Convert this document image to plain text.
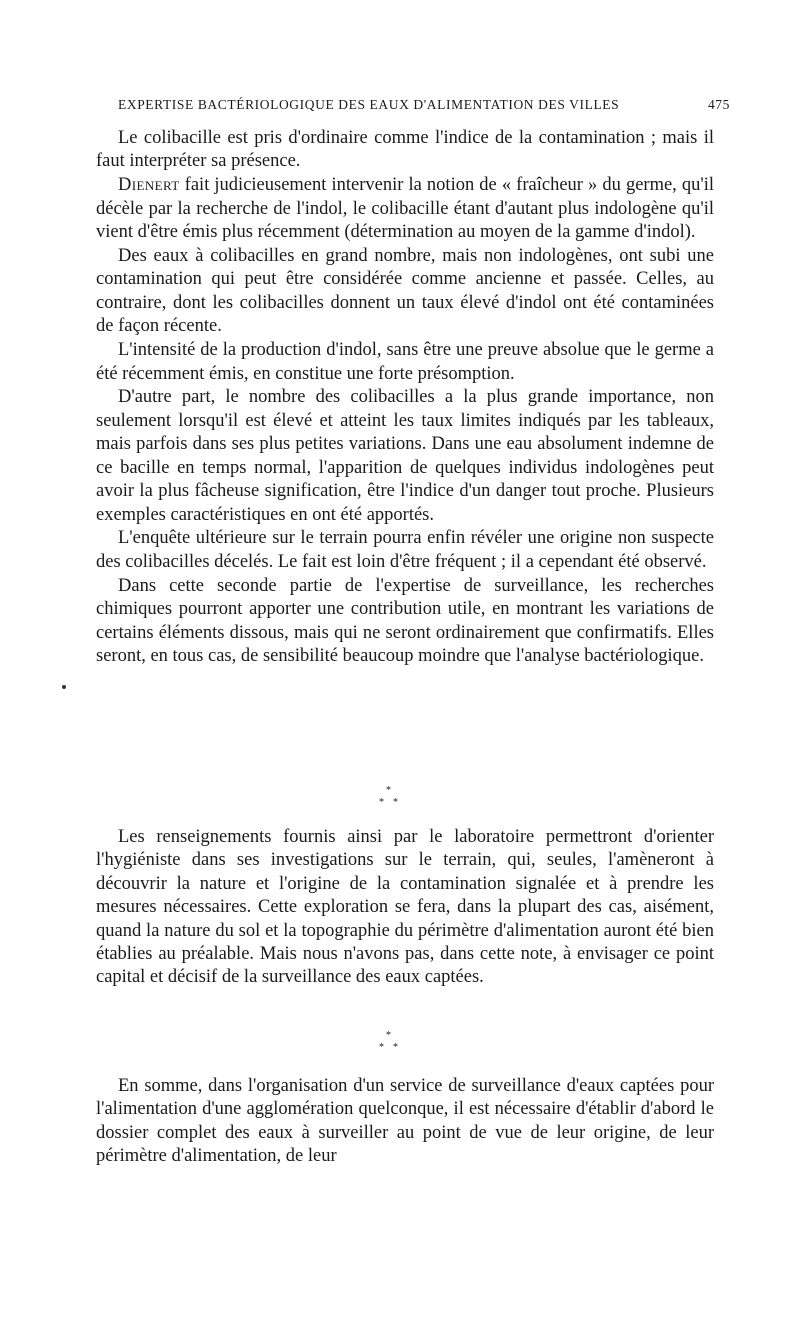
EXPERTISE BACTÉRIOLOGIQUE DES EAUX D'ALIMENTATION DES VILLES	475

Le colibacille est pris d'ordinaire comme l'indice de la contamination ; mais il faut interpréter sa présence.

Dienert fait judicieusement intervenir la notion de « fraîcheur » du germe, qu'il décèle par la recherche de l'indol, le colibacille étant d'autant plus indologène qu'il vient d'être émis plus récemment (détermination au moyen de la gamme d'indol).

Des eaux à colibacilles en grand nombre, mais non indologènes, ont subi une contamination qui peut être considérée comme ancienne et passée. Celles, au contraire, dont les colibacilles donnent un taux élevé d'indol ont été contaminées de façon récente.

L'intensité de la production d'indol, sans être une preuve absolue que le germe a été récemment émis, en constitue une forte présomption.

D'autre part, le nombre des colibacilles a la plus grande importance, non seulement lorsqu'il est élevé et atteint les taux limites indiqués par les tableaux, mais parfois dans ses plus petites variations. Dans une eau absolument indemne de ce bacille en temps normal, l'apparition de quelques individus indologènes peut avoir la plus fâcheuse signification, être l'indice d'un danger tout proche. Plusieurs exemples caractéristiques en ont été apportés.

L'enquête ultérieure sur le terrain pourra enfin révéler une origine non suspecte des colibacilles décelés. Le fait est loin d'être fréquent ; il a cependant été observé.

Dans cette seconde partie de l'expertise de surveillance, les recherches chimiques pourront apporter une contribution utile, en montrant les variations de certains éléments dissous, mais qui ne seront ordinairement que confirmatifs. Elles seront, en tous cas, de sensibilité beaucoup moindre que l'analyse bactériologique.

*
* *

Les renseignements fournis ainsi par le laboratoire permettront d'orienter l'hygiéniste dans ses investigations sur le terrain, qui, seules, l'amèneront à découvrir la nature et l'origine de la contamination signalée et à prendre les mesures nécessaires. Cette exploration se fera, dans la plupart des cas, aisément, quand la nature du sol et la topographie du périmètre d'alimentation auront été bien établies au préalable. Mais nous n'avons pas, dans cette note, à envisager ce point capital et décisif de la surveillance des eaux captées.

*
* *

En somme, dans l'organisation d'un service de surveillance d'eaux captées pour l'alimentation d'une agglomération quelconque, il est nécessaire d'établir d'abord le dossier complet des eaux à surveiller au point de vue de leur origine, de leur périmètre d'alimentation, de leur
